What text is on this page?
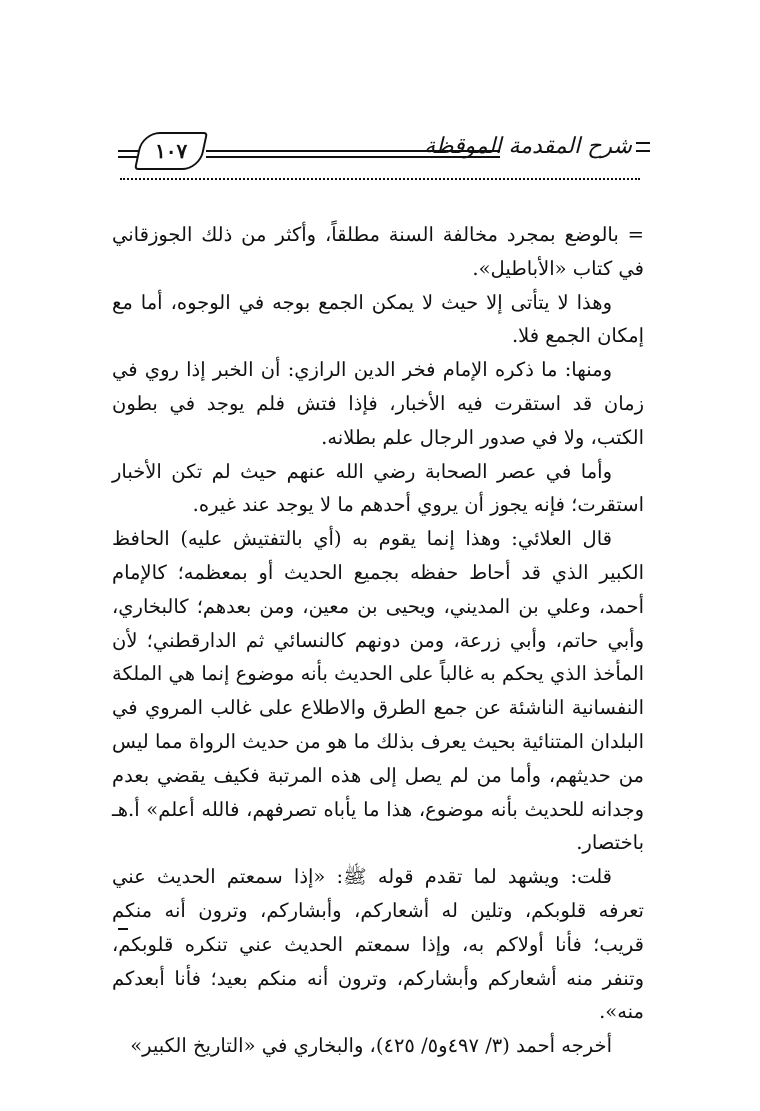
١٠٧	شرح المقدمة الموقظة

= بالوضع بمجرد مخالفة السنة مطلقاً، وأكثر من ذلك الجوزقاني في كتاب «الأباطيل».

وهذا لا يتأتى إلا حيث لا يمكن الجمع بوجه في الوجوه، أما مع إمكان الجمع فلا.

ومنها: ما ذكره الإمام فخر الدين الرازي: أن الخبر إذا روي في زمان قد استقرت فيه الأخبار، فإذا فتش فلم يوجد في بطون الكتب، ولا في صدور الرجال علم بطلانه.

وأما في عصر الصحابة رضي الله عنهم حيث لم تكن الأخبار استقرت؛ فإنه يجوز أن يروي أحدهم ما لا يوجد عند غيره.

قال العلائي: وهذا إنما يقوم به (أي بالتفتيش عليه) الحافظ الكبير الذي قد أحاط حفظه بجميع الحديث أو بمعظمه؛ كالإمام أحمد، وعلي بن المديني، ويحيى بن معين، ومن بعدهم؛ كالبخاري، وأبي حاتم، وأبي زرعة، ومن دونهم كالنسائي ثم الدارقطني؛ لأن المأخذ الذي يحكم به غالباً على الحديث بأنه موضوع إنما هي الملكة النفسانية الناشئة عن جمع الطرق والاطلاع على غالب المروي في البلدان المتنائية بحيث يعرف بذلك ما هو من حديث الرواة مما ليس من حديثهم، وأما من لم يصل إلى هذه المرتبة فكيف يقضي بعدم وجدانه للحديث بأنه موضوع، هذا ما يأباه تصرفهم، فالله أعلم» أ.هـ باختصار.

قلت: ويشهد لما تقدم قوله ﷺ: «إذا سمعتم الحديث عني تعرفه قلوبكم، وتلين له أشعاركم، وأبشاركم، وترون أنه منكم قريب؛ فأنا أولاكم به، وإذا سمعتم الحديث عني تنكره قلوبكم، وتنفر منه أشعاركم وأبشاركم، وترون أنه منكم بعيد؛ فأنا أبعدكم منه».

أخرجه أحمد (٣/ ٤٩٧و٥/ ٤٢٥)، والبخاري في «التاريخ الكبير»
